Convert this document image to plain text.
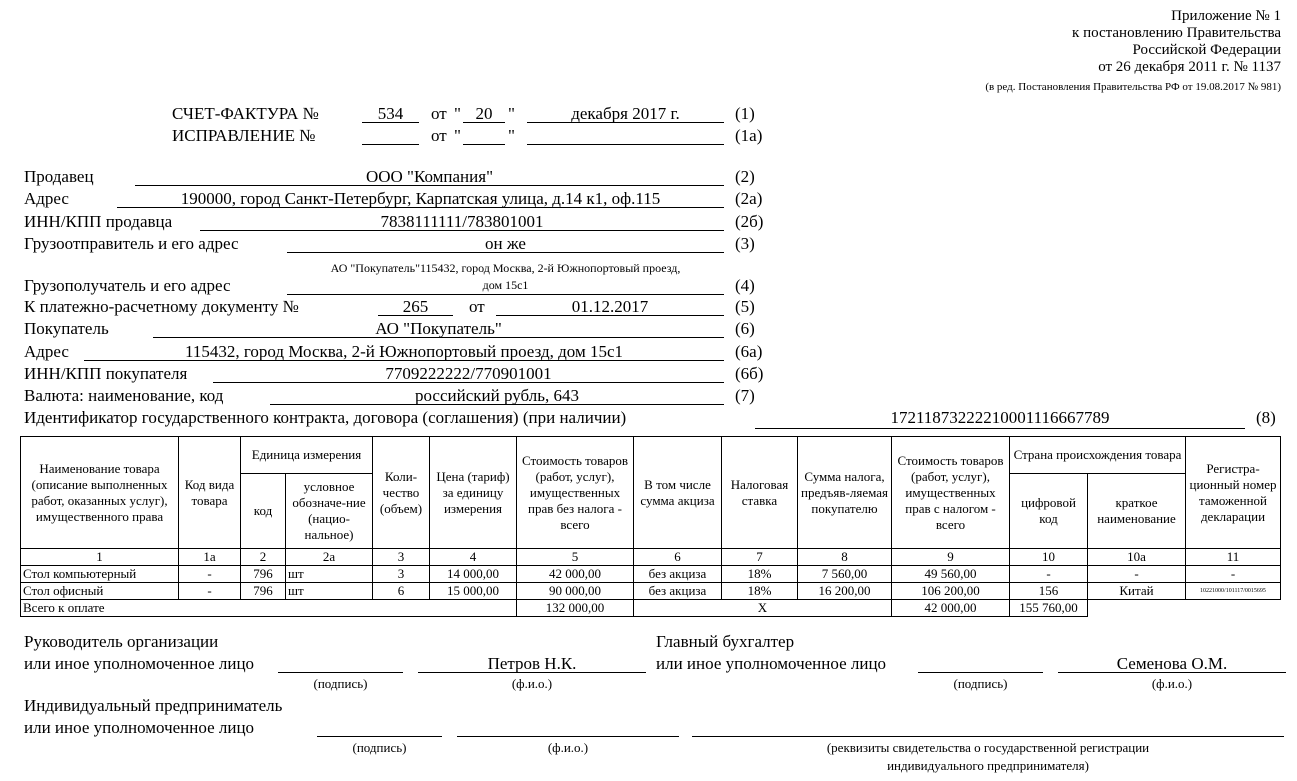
Приложение № 1
к постановлению Правительства
Российской Федерации
от 26 декабря 2011 г. № 1137
(в ред. Постановления Правительства РФ от 19.08.2017 № 981)
СЧЕТ-ФАКТУРА №	534	от " 20 "	декабря 2017 г.	(1)
ИСПРАВЛЕНИЕ №	от "	"	(1а)
Продавец	ООО "Компания"	(2)
Адрес	190000, город Санкт-Петербург, Карпатская улица, д.14 к1, оф.115	(2а)
ИНН/КПП продавца	7838111111/783801001	(2б)
Грузоотправитель и его адрес	он же	(3)
АО "Покупатель"115432, город Москва, 2-й Южнопортовый проезд,
дом 15с1
Грузополучатель и его адрес	(4)
К платежно-расчетному документу №	265	от	01.12.2017	(5)
Покупатель	АО "Покупатель"	(6)
Адрес	115432, город Москва, 2-й Южнопортовый проезд, дом 15с1	(6а)
ИНН/КПП покупателя	7709222222/770901001	(6б)
Валюта: наименование, код	российский рубль, 643	(7)
Идентификатор государственного контракта, договора (соглашения) (при наличии)	17211873222210001116667789	(8)
Наименование товара (описание выполненных работ, оказанных услуг), имущественного права	Код вида товара	Единица измерения		Коли-чество (объем)	Цена (тариф) за единицу измерения	Стоимость товаров (работ, услуг), имущественных прав без налога - всего	В том числе сумма акциза	Налоговая ставка	Сумма налога, предъяв-ляемая покупателю	Стоимость товаров (работ, услуг), имущественных прав с налогом - всего	Страна происхождения товара		Регистра-ционный номер таможенной декларации
		код	условное обозначе-ние (нацио-нальное)								цифровой код	краткое наименование	
1	1а	2	2а	3	4	5	6	7	8	9	10	10а	11
Стол компьютерный	-	796	шт	3	14 000,00	42 000,00	без акциза	18%	7 560,00	49 560,00	-	-	-
Стол офисный	-	796	шт	6	15 000,00	90 000,00	без акциза	18%	16 200,00	106 200,00	156	Китай	10221000/101117/0015695
Всего к оплате						132 000,00	Х			42 000,00	155 760,00		
Руководитель организации
или иное уполномоченное лицо	Петров Н.К.
(подпись)	(ф.и.о.)
Главный бухгалтер
или иное уполномоченное лицо	Семенова О.М.
(подпись)	(ф.и.о.)
Индивидуальный предприниматель
или иное уполномоченное лицо
(подпись)	(ф.и.о.)	(реквизиты свидетельства о государственной регистрации
индивидуального предпринимателя)
